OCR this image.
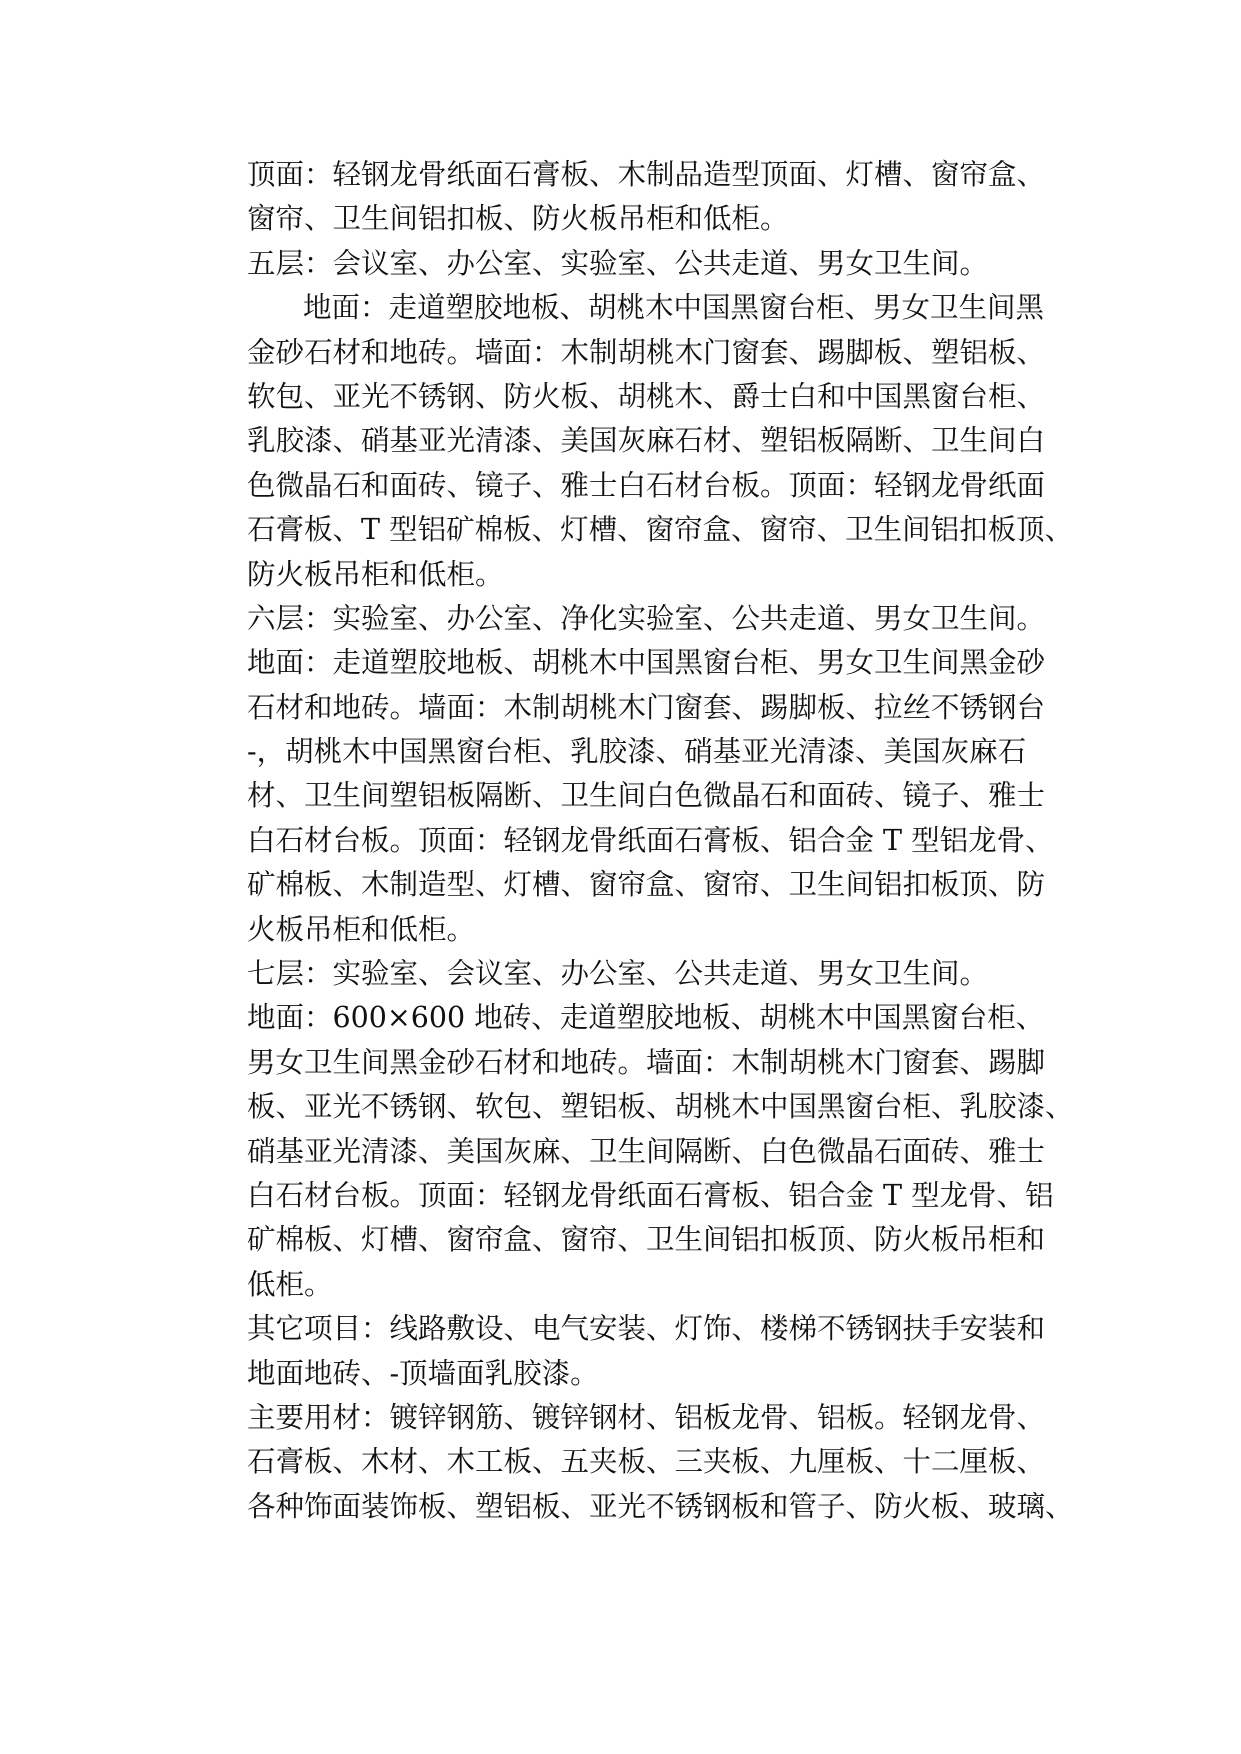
顶面：轻钢龙骨纸面石膏板、木制品造型顶面、灯槽、窗帘盒、
窗帘、卫生间铝扣板、防火板吊柜和低柜。
五层：会议室、办公室、实验室、公共走道、男女卫生间。
地面：走道塑胶地板、胡桃木中国黑窗台柜、男女卫生间黑
金砂石材和地砖。墙面：木制胡桃木门窗套、踢脚板、塑铝板、
软包、亚光不锈钢、防火板、胡桃木、爵士白和中国黑窗台柜、
乳胶漆、硝基亚光清漆、美国灰麻石材、塑铝板隔断、卫生间白
色微晶石和面砖、镜子、雅士白石材台板。顶面：轻钢龙骨纸面
石膏板、T 型铝矿棉板、灯槽、窗帘盒、窗帘、卫生间铝扣板顶、
防火板吊柜和低柜。
六层：实验室、办公室、净化实验室、公共走道、男女卫生间。
地面：走道塑胶地板、胡桃木中国黑窗台柜、男女卫生间黑金砂
石材和地砖。墙面：木制胡桃木门窗套、踢脚板、拉丝不锈钢台
-，胡桃木中国黑窗台柜、乳胶漆、硝基亚光清漆、美国灰麻石
材、卫生间塑铝板隔断、卫生间白色微晶石和面砖、镜子、雅士
白石材台板。顶面：轻钢龙骨纸面石膏板、铝合金 T 型铝龙骨、
矿棉板、木制造型、灯槽、窗帘盒、窗帘、卫生间铝扣板顶、防
火板吊柜和低柜。
七层：实验室、会议室、办公室、公共走道、男女卫生间。
地面：600×600 地砖、走道塑胶地板、胡桃木中国黑窗台柜、
男女卫生间黑金砂石材和地砖。墙面：木制胡桃木门窗套、踢脚
板、亚光不锈钢、软包、塑铝板、胡桃木中国黑窗台柜、乳胶漆、
硝基亚光清漆、美国灰麻、卫生间隔断、白色微晶石面砖、雅士
白石材台板。顶面：轻钢龙骨纸面石膏板、铝合金 T 型龙骨、铝
矿棉板、灯槽、窗帘盒、窗帘、卫生间铝扣板顶、防火板吊柜和
低柜。
其它项目：线路敷设、电气安装、灯饰、楼梯不锈钢扶手安装和
地面地砖、-顶墙面乳胶漆。
主要用材：镀锌钢筋、镀锌钢材、铝板龙骨、铝板。轻钢龙骨、
石膏板、木材、木工板、五夹板、三夹板、九厘板、十二厘板、
各种饰面装饰板、塑铝板、亚光不锈钢板和管子、防火板、玻璃、
